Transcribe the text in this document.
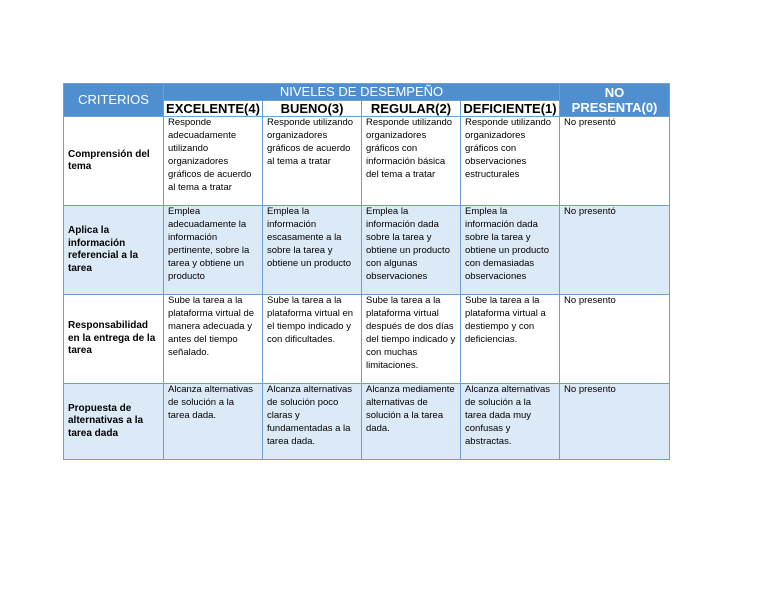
CRITERIOS	NIVELES DE DESEMPEÑO				NO
PRESENTA(0)
	EXCELENTE(4)	BUENO(3)	REGULAR(2)	DEFICIENTE(1)	
Comprensión del tema	Responde adecuadamente utilizando organizadores gráficos de acuerdo al tema a tratar	Responde utilizando organizadores gráficos de acuerdo al tema a tratar	Responde utilizando organizadores gráficos con información básica del tema a tratar	Responde utilizando organizadores gráficos con observaciones estructurales	No presentó
Aplica la información referencial a la tarea	Emplea adecuadamente la información pertinente, sobre la tarea y obtiene un producto	Emplea la información escasamente a la sobre la tarea y obtiene un producto	Emplea la información dada sobre la tarea y obtiene un producto con algunas observaciones	Emplea la información dada sobre la tarea y obtiene un producto con demasiadas observaciones	No presentó
Responsabilidad en la entrega de la tarea	Sube la tarea a la plataforma virtual de manera adecuada y antes del tiempo señalado.	Sube la tarea a la plataforma virtual en el tiempo indicado y con dificultades.	Sube la tarea a la plataforma virtual después de dos días del tiempo indicado y con muchas limitaciones.	Sube la tarea a la plataforma virtual a destiempo y con deficiencias.	No presento
Propuesta de alternativas a la tarea dada	Alcanza alternativas de solución a la tarea dada.	Alcanza alternativas de solución poco claras y fundamentadas a la tarea dada.	Alcanza mediamente alternativas de solución a la tarea dada.	Alcanza alternativas de solución a la tarea dada muy confusas y abstractas.	No presento
